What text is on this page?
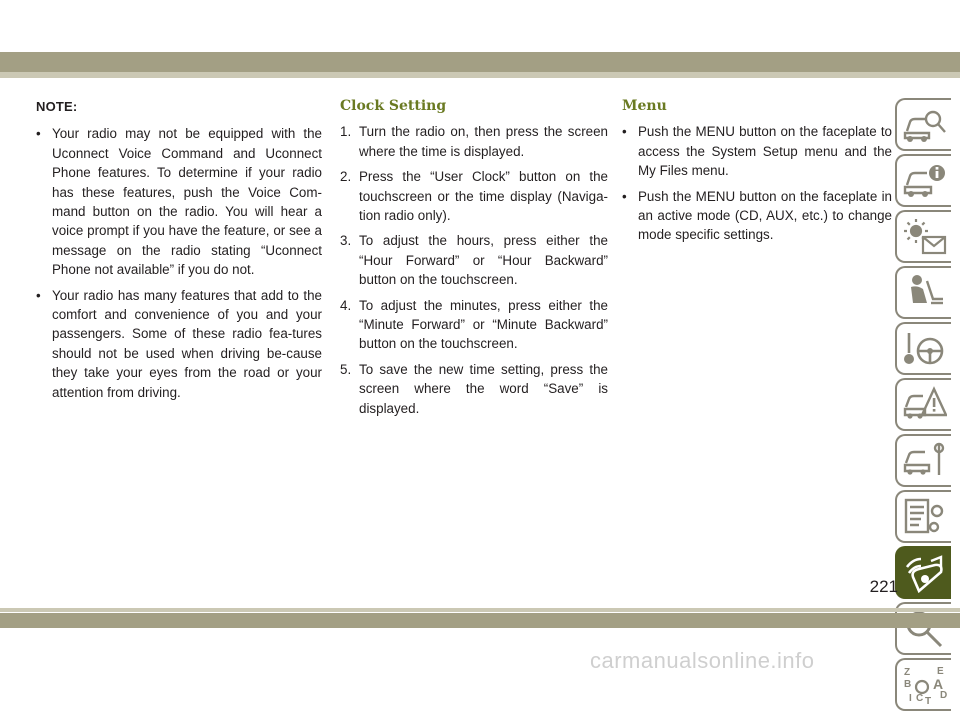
NOTE:
• Your radio may not be equipped with the Uconnect Voice Command and Uconnect Phone features. To determine if your radio has these features, push the Voice Com-mand button on the radio. You will hear a voice prompt if you have the feature, or see a message on the radio stating “Uconnect Phone not available” if you do not.
• Your radio has many features that add to the comfort and convenience of you and your passengers. Some of these radio fea-tures should not be used when driving be-cause they take your eyes from the road or your attention from driving.
Clock Setting
1. Turn the radio on, then press the screen where the time is displayed.
2. Press the “User Clock” button on the touchscreen or the time display (Naviga-tion radio only).
3. To adjust the hours, press either the “Hour Forward” or “Hour Backward” button on the touchscreen.
4. To adjust the minutes, press either the “Minute Forward” or “Minute Backward” button on the touchscreen.
5. To save the new time setting, press the screen where the word “Save” is displayed.
Menu
• Push the MENU button on the faceplate to access the System Setup menu and the My Files menu.
• Push the MENU button on the faceplate in an active mode (CD, AUX, etc.) to change mode specific settings.
Z	E
B A
I C T
D
221
carmanualsonline.info
